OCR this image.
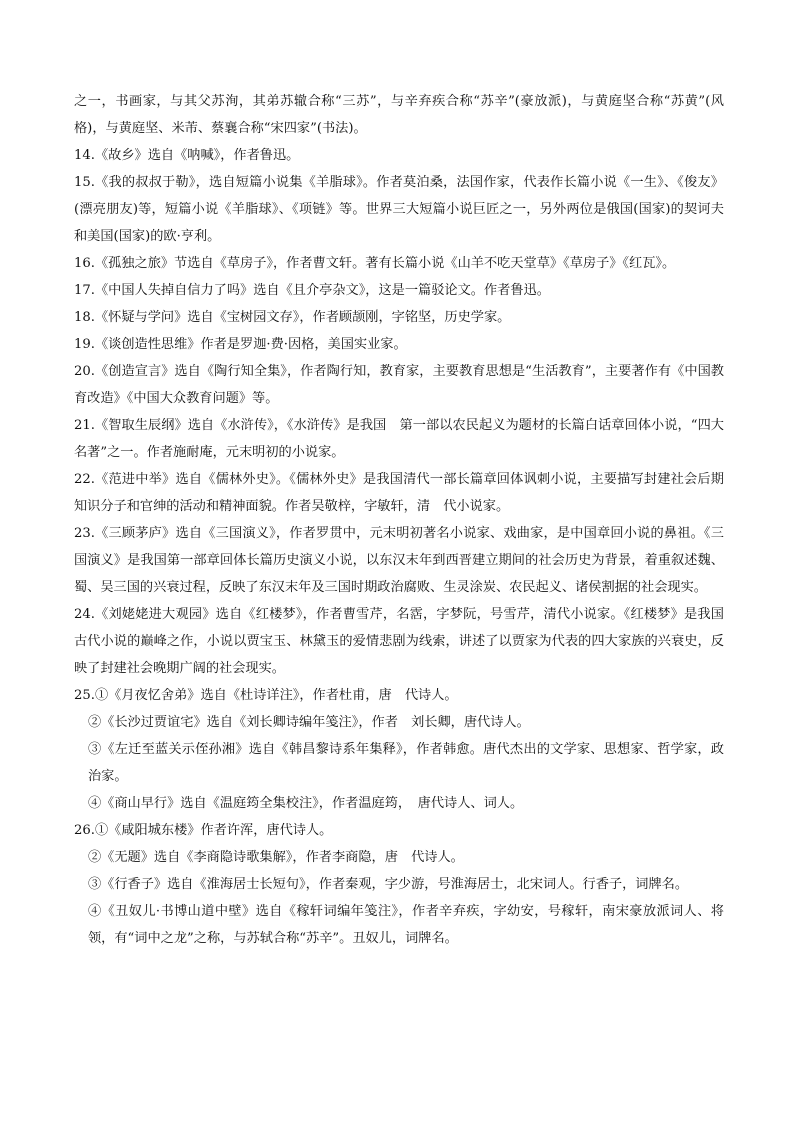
之一，书画家，与其父苏洵，其弟苏辙合称“三苏”，与辛弃疾合称“苏辛”(豪放派)，与黄庭坚合称“苏黄”(风格)，与黄庭坚、米芾、蔡襄合称“宋四家”(书法)。

14.《故乡》选自《呐喊》，作者鲁迅。

15.《我的叔叔于勒》，选自短篇小说集《羊脂球》。作者莫泊桑，法国作家，代表作长篇小说《一生》、《俊友》(漂亮朋友)等，短篇小说《羊脂球》、《项链》等。世界三大短篇小说巨匠之一，另外两位是俄国(国家)的契诃夫和美国(国家)的欧·亨利。

16.《孤独之旅》节选自《草房子》，作者曹文轩。著有长篇小说《山羊不吃天堂草》《草房子》《红瓦》。

17.《中国人失掉自信力了吗》选自《且介亭杂文》，这是一篇驳论文。作者鲁迅。

18.《怀疑与学问》选自《宝树园文存》，作者顾颉刚，字铭坚，历史学家。

19.《谈创造性思维》作者是罗迦·费·因格，美国实业家。

20.《创造宣言》选自《陶行知全集》，作者陶行知，教育家，主要教育思想是“生活教育”，主要著作有《中国教育改造》《中国大众教育问题》等。

21.《智取生辰纲》选自《水浒传》，《水浒传》是我国　第一部以农民起义为题材的长篇白话章回体小说，“四大名著”之一。作者施耐庵，元末明初的小说家。

22.《范进中举》选自《儒林外史》。《儒林外史》是我国清代一部长篇章回体讽刺小说，主要描写封建社会后期知识分子和官绅的活动和精神面貌。作者吴敬梓，字敏轩，清　代小说家。

23.《三顾茅庐》选自《三国演义》，作者罗贯中，元末明初著名小说家、戏曲家，是中国章回小说的鼻祖。《三国演义》是我国第一部章回体长篇历史演义小说，以东汉末年到西晋建立期间的社会历史为背景，着重叙述魏、蜀、吴三国的兴衰过程，反映了东汉末年及三国时期政治腐败、生灵涂炭、农民起义、诸侯割据的社会现实。

24.《刘姥姥进大观园》选自《红楼梦》，作者曹雪芹，名霑，字梦阮，号雪芹，清代小说家。《红楼梦》是我国古代小说的巅峰之作，小说以贾宝玉、林黛玉的爱情悲剧为线索，讲述了以贾家为代表的四大家族的兴衰史，反映了封建社会晚期广阔的社会现实。

25.①《月夜忆舍弟》选自《杜诗详注》，作者杜甫，唐　代诗人。

②《长沙过贾谊宅》选自《刘长卿诗编年笺注》，作者　刘长卿，唐代诗人。

③《左迁至蓝关示侄孙湘》选自《韩昌黎诗系年集释》，作者韩愈。唐代杰出的文学家、思想家、哲学家，政治家。

④《商山早行》选自《温庭筠全集校注》，作者温庭筠，　唐代诗人、词人。

26.①《咸阳城东楼》作者许浑，唐代诗人。

②《无题》选自《李商隐诗歌集解》，作者李商隐，唐　代诗人。

③《行香子》选自《淮海居士长短句》，作者秦观，字少游，号淮海居士，北宋词人。行香子，词牌名。

④《丑奴儿·书博山道中壁》选自《稼轩词编年笺注》，作者辛弃疾，字幼安，号稼轩，南宋豪放派词人、将领，有“词中之龙”之称，与苏轼合称“苏辛”。丑奴儿，词牌名。
